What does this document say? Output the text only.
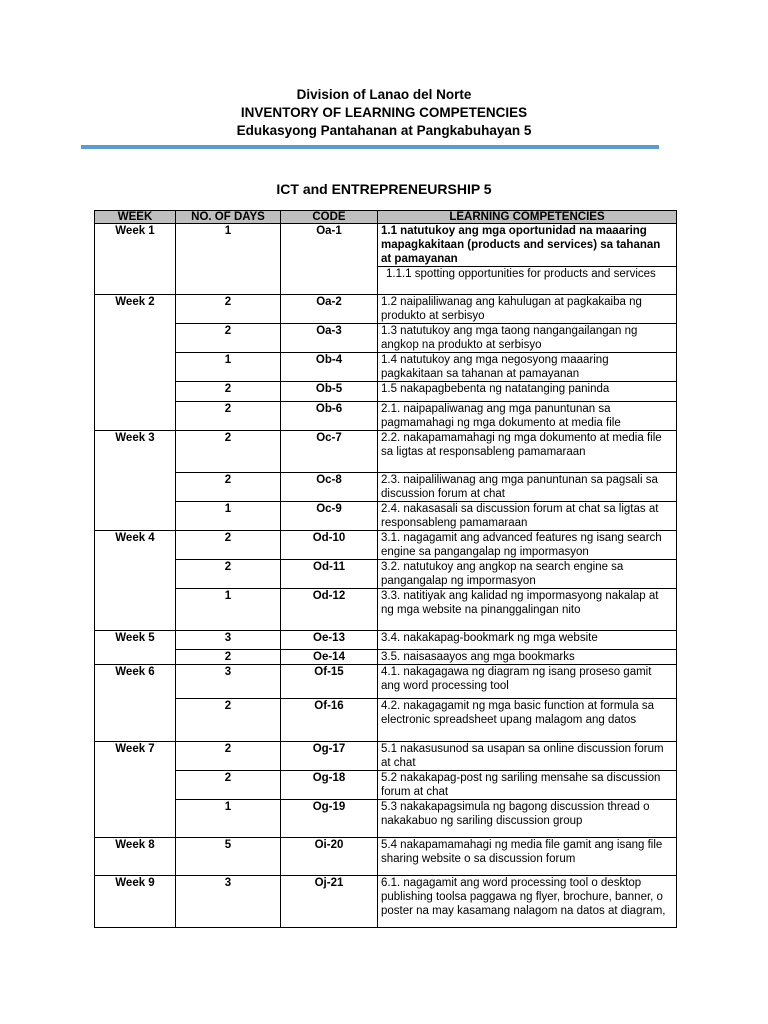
Division of Lanao del Norte
INVENTORY OF LEARNING COMPETENCIES
Edukasyong Pantahanan at Pangkabuhayan 5
ICT and ENTREPRENEURSHIP 5
WEEK	NO. OF DAYS	CODE	LEARNING COMPETENCIES
Week 1	1	Oa-1	1.1 natutukoy ang mga oportunidad na maaaring mapagkakitaan (products and services) sa tahanan at pamayanan
			1.1.1 spotting opportunities for products and services
Week 2	2	Oa-2	1.2 naipaliliwanag ang kahulugan at pagkakaiba ng produkto at serbisyo
	2	Oa-3	1.3 natutukoy ang mga taong nangangailangan ng angkop na produkto at serbisyo
	1	Ob-4	1.4 natutukoy ang mga negosyong maaaring pagkakitaan sa tahanan at pamayanan
	2	Ob-5	1.5 nakapagbebenta ng natatanging paninda
	2	Ob-6	2.1. naipapaliwanag ang mga panuntunan sa pagmamahagi ng mga dokumento at media file
Week 3	2	Oc-7	2.2. nakapamamahagi ng mga dokumento at media file sa ligtas at responsableng pamamaraan
	2	Oc-8	2.3. naipaliliwanag ang mga panuntunan sa pagsali sa discussion forum at chat
	1	Oc-9	2.4. nakasasali sa discussion forum at chat sa ligtas at responsableng pamamaraan
Week 4	2	Od-10	3.1. nagagamit ang advanced features ng isang search engine sa pangangalap ng impormasyon
	2	Od-11	3.2. natutukoy ang angkop na search engine sa pangangalap ng impormasyon
	1	Od-12	3.3. natitiyak ang kalidad ng impormasyong nakalap at ng mga website na pinanggalingan nito
Week 5	3	Oe-13	3.4. nakakapag-bookmark ng mga website
	2	Oe-14	3.5. naisasaayos ang mga bookmarks
Week 6	3	Of-15	4.1. nakagagawa ng diagram ng isang proseso gamit ang word processing tool
	2	Of-16	4.2. nakagagamit ng mga basic function at formula sa electronic spreadsheet upang malagom ang datos
Week 7	2	Og-17	5.1 nakasusunod sa usapan sa online discussion forum at chat
	2	Og-18	5.2 nakakapag-post ng sariling mensahe sa discussion forum at chat
	1	Og-19	5.3 nakakapagsimula ng bagong discussion thread o nakakabuo ng sariling discussion group
Week 8	5	Oi-20	5.4 nakapamamahagi ng media file gamit ang isang file sharing website o sa discussion forum
Week 9	3	Oj-21	6.1. nagagamit ang word processing tool o desktop publishing toolsa paggawa ng flyer, brochure, banner, o poster na may kasamang nalagom na datos at diagram,
